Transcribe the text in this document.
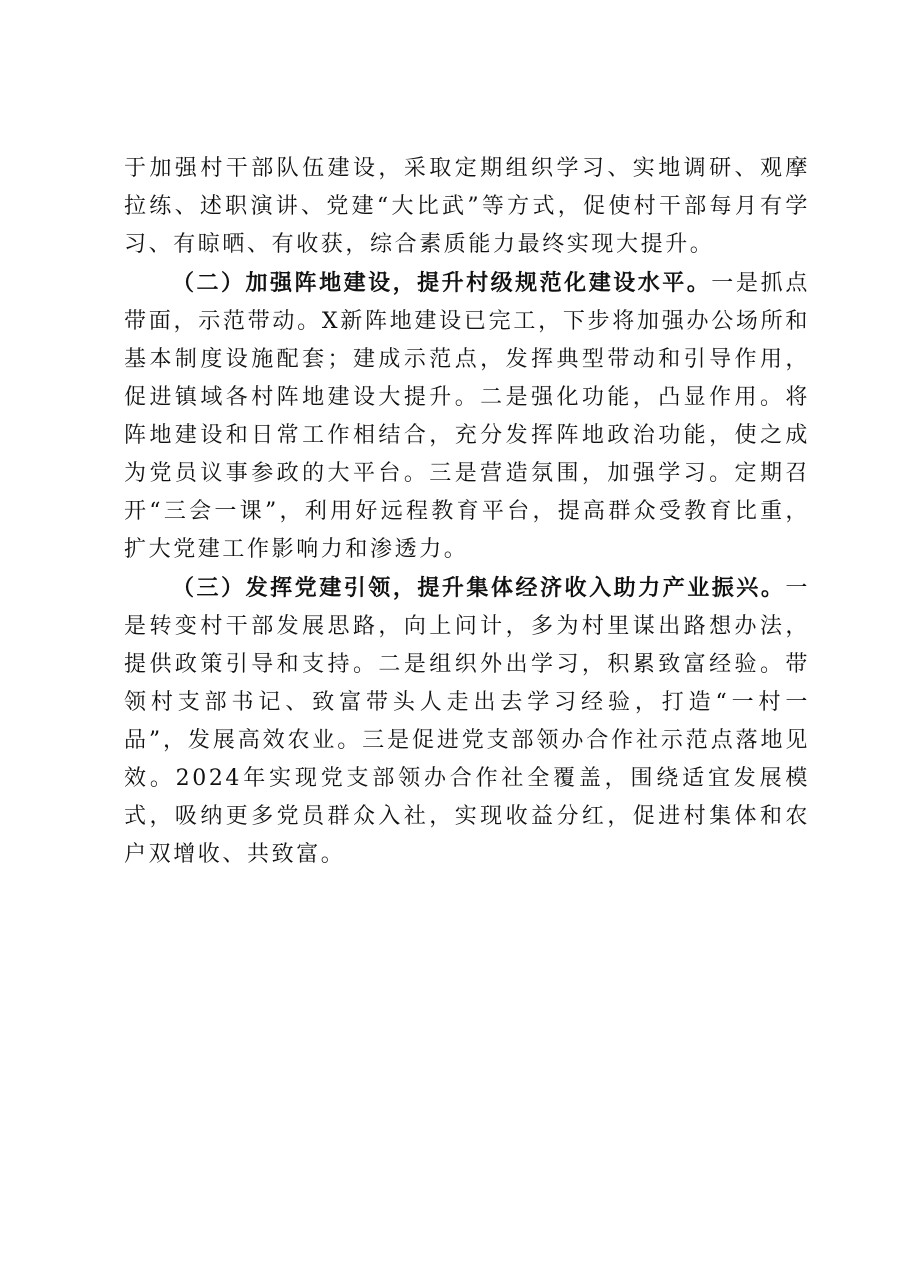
于加强村干部队伍建设，采取定期组织学习、实地调研、观摩拉练、述职演讲、党建“大比武”等方式，促使村干部每月有学习、有晾晒、有收获，综合素质能力最终实现大提升。

（二）加强阵地建设，提升村级规范化建设水平。一是抓点带面，示范带动。X新阵地建设已完工，下步将加强办公场所和基本制度设施配套；建成示范点，发挥典型带动和引导作用，促进镇域各村阵地建设大提升。二是强化功能，凸显作用。将阵地建设和日常工作相结合，充分发挥阵地政治功能，使之成为党员议事参政的大平台。三是营造氛围，加强学习。定期召开“三会一课”，利用好远程教育平台，提高群众受教育比重，扩大党建工作影响力和渗透力。

（三）发挥党建引领，提升集体经济收入助力产业振兴。一是转变村干部发展思路，向上问计，多为村里谋出路想办法，提供政策引导和支持。二是组织外出学习，积累致富经验。带领村支部书记、致富带头人走出去学习经验，打造“一村一品”，发展高效农业。三是促进党支部领办合作社示范点落地见效。2024年实现党支部领办合作社全覆盖，围绕适宜发展模式，吸纳更多党员群众入社，实现收益分红，促进村集体和农户双增收、共致富。
